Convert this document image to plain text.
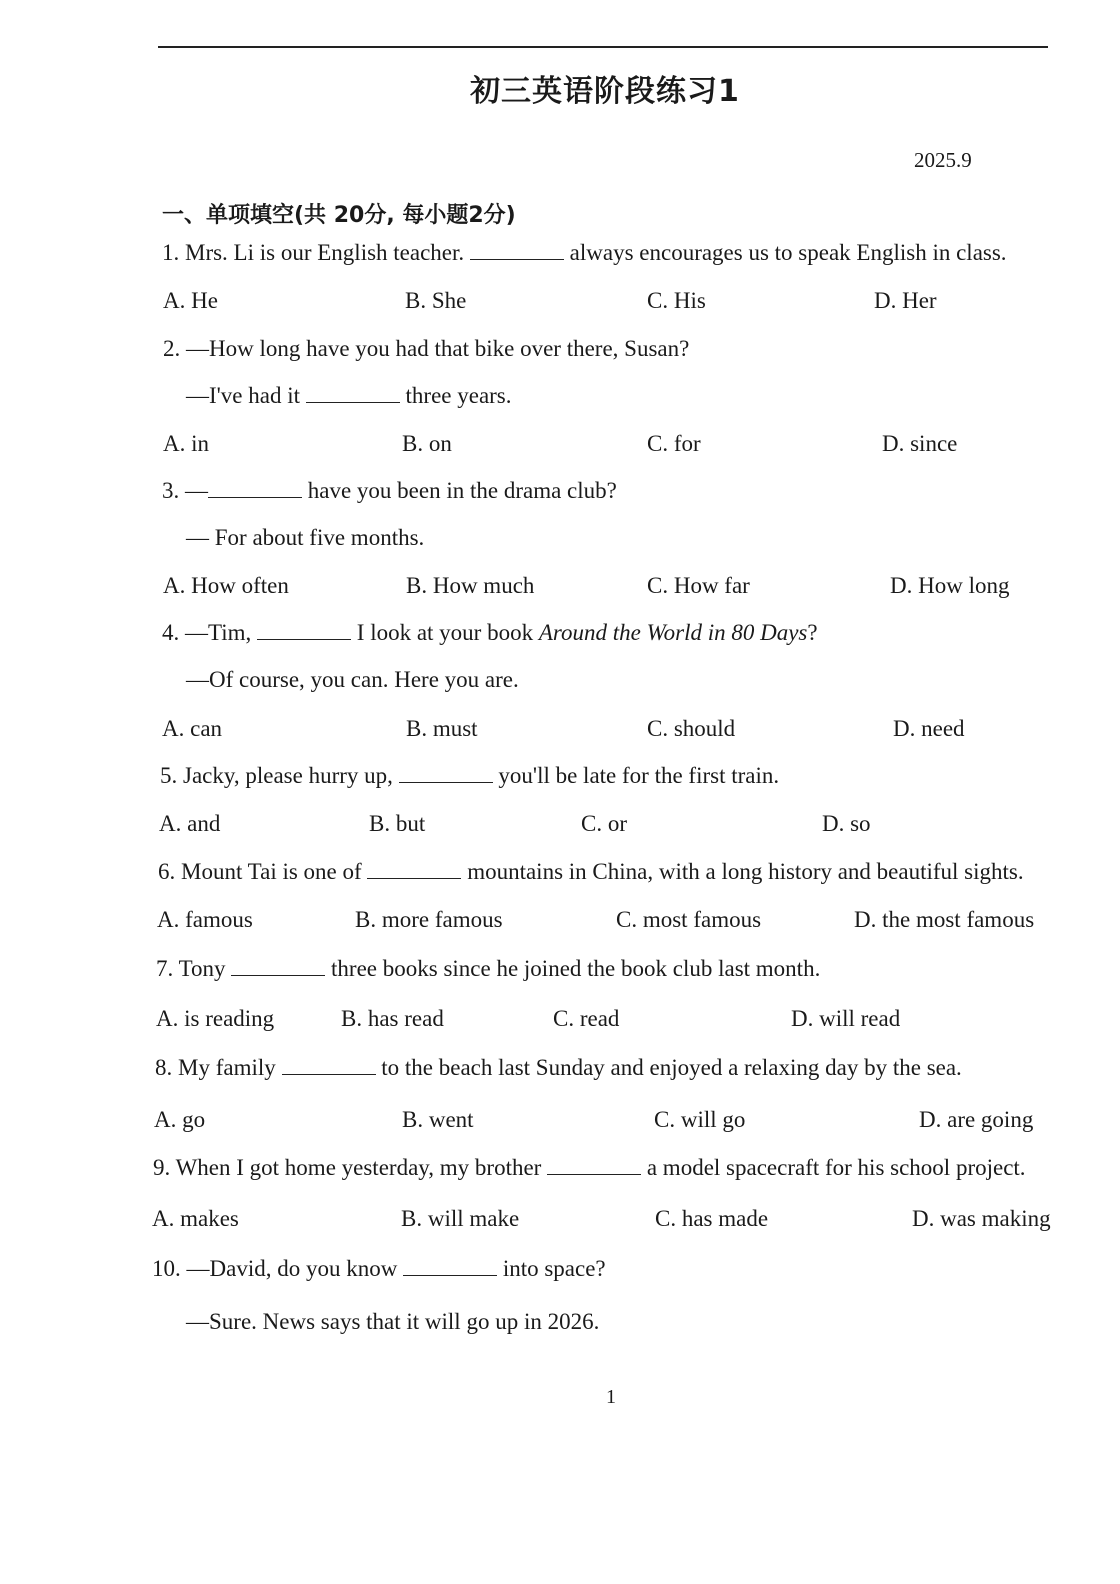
初三英语阶段练习1
2025.9
一、单项填空(共 20分, 每小题2分)
1. Mrs. Li is our English teacher.	always encourages us to speak English in class.
A. He	B. She	C. His	D. Her
2. —How long have you had that bike over there, Susan?
—I've had it	three years.
A. in	B. on	C. for	D. since
3. —	have you been in the drama club?
— For about five months.
A. How often	B. How much	C. How far	D. How long
4. —Tim,	I look at your book Around the World in 80 Days?
—Of course, you can. Here you are.
A. can	B. must	C. should	D. need
5. Jacky, please hurry up,	you'll be late for the first train.
A. and	B. but	C. or	D. so
6. Mount Tai is one of	mountains in China, with a long history and beautiful sights.
A. famous	B. more famous	C. most famous	D. the most famous
7. Tony	three books since he joined the book club last month.
A. is reading	B. has read	C. read	D. will read
8. My family	to the beach last Sunday and enjoyed a relaxing day by the sea.
A. go	B. went	C. will go	D. are going
9. When I got home yesterday, my brother	a model spacecraft for his school project.
A. makes	B. will make	C. has made	D. was making
10. —David, do you know	into space?
—Sure. News says that it will go up in 2026.
1
